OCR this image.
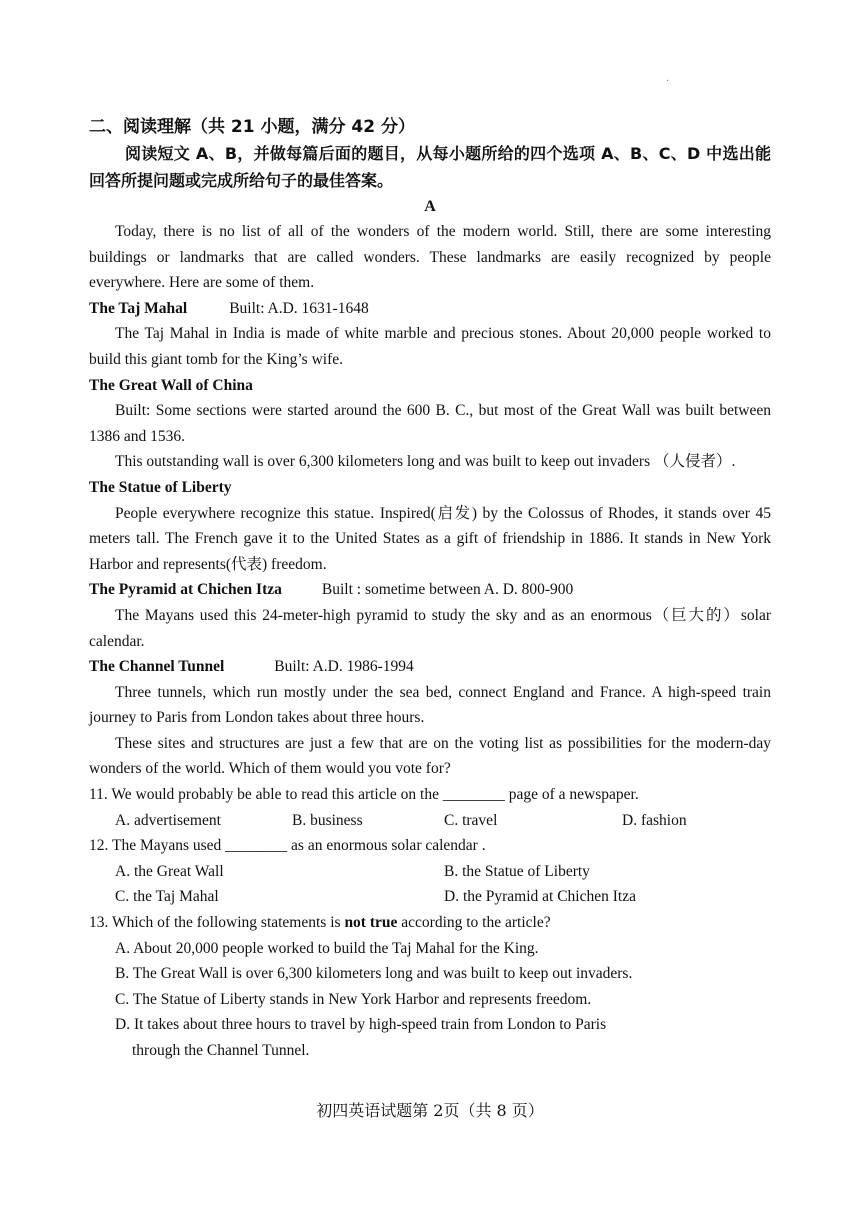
·

二、阅读理解（共 21 小题，满分 42 分）

阅读短文 A、B，并做每篇后面的题目，从每小题所给的四个选项 A、B、C、D 中选出能回答所提问题或完成所给句子的最佳答案。

A

Today, there is no list of all of the wonders of the modern world. Still, there are some interesting buildings or landmarks that are called wonders. These landmarks are easily recognized by people everywhere. Here are some of them.

The Taj Mahal	Built: A.D. 1631-1648

The Taj Mahal in India is made of white marble and precious stones. About 20,000 people worked to build this giant tomb for the King’s wife.

The Great Wall of China

Built: Some sections were started around the 600 B. C., but most of the Great Wall was built between 1386 and 1536.

This outstanding wall is over 6,300 kilometers long and was built to keep out invaders （人侵者）.

The Statue of Liberty

People everywhere recognize this statue. Inspired(启发) by the Colossus of Rhodes, it stands over 45 meters tall. The French gave it to the United States as a gift of friendship in 1886. It stands in New York Harbor and represents(代表) freedom.

The Pyramid at Chichen Itza	Built : sometime between A. D. 800-900

The Mayans used this 24-meter-high pyramid to study the sky and as an enormous（巨大的）solar calendar.

The Channel Tunnel	Built: A.D. 1986-1994

Three tunnels, which run mostly under the sea bed, connect England and France. A high-speed train journey to Paris from London takes about three hours.

These sites and structures are just a few that are on the voting list as possibilities for the modern-day wonders of the world. Which of them would you vote for?

11. We would probably be able to read this article on the ________ page of a newspaper.

A. advertisement	B. business	C. travel	D. fashion

12. The Mayans used ________ as an enormous solar calendar .

A. the Great Wall	B. the Statue of Liberty
C. the Taj Mahal	D. the Pyramid at Chichen Itza

13. Which of the following statements is not true according to the article?

A. About 20,000 people worked to build the Taj Mahal for the King.

B. The Great Wall is over 6,300 kilometers long and was built to keep out invaders.

C. The Statue of Liberty stands in New York Harbor and represents freedom.

D. It takes about three hours to travel by high-speed train from London to Paris

through the Channel Tunnel.

初四英语试题第 2页（共 8 页）
